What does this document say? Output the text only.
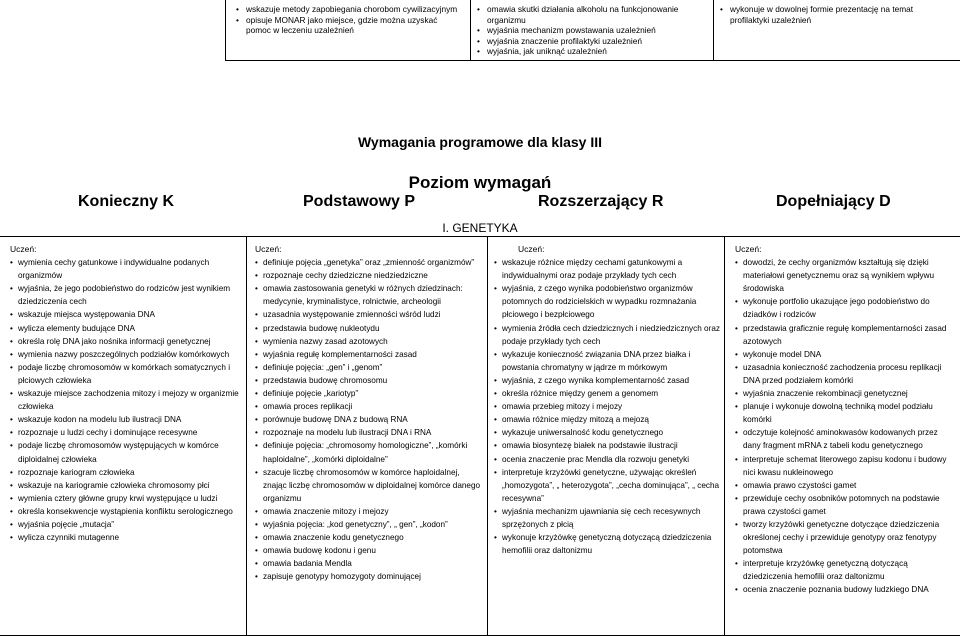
• wskazuje metody zapobiegania chorobom cywilizacyjnym
• opisuje MONAR jako miejsce, gdzie można uzyskać pomoc w leczeniu uzależnień

• omawia skutki działania alkoholu na funkcjonowanie organizmu
• wyjaśnia mechanizm powstawania uzależnień
• wyjaśnia znaczenie profilaktyki uzależnień
• wyjaśnia, jak uniknąć uzależnień

• wykonuje w dowolnej formie prezentację na temat profilaktyki uzależnień
Wymagania programowe dla klasy III
Poziom wymagań
Konieczny K	Podstawowy P	Rozszerzający R	Dopełniający D
I. GENETYKA
Uczeń:
• wymienia cechy gatunkowe i indywidualne podanych organizmów
• wyjaśnia, że jego podobieństwo do rodziców jest wynikiem dziedziczenia cech
• wskazuje miejsca występowania DNA
• wylicza elementy budujące DNA
• określa rolę DNA jako nośnika informacji genetycznej
• wymienia nazwy poszczególnych podziałów komórkowych
• podaje liczbę chromosomów w komórkach somatycznych i płciowych człowieka
• wskazuje miejsce zachodzenia mitozy i mejozy w organizmie człowieka
• wskazuje kodon na modelu lub ilustracji DNA
• rozpoznaje u ludzi cechy i dominujące recesywne
• podaje liczbę chromosomów występujących w komórce diploidalnej człowieka
• rozpoznaje kariogram człowieka
• wskazuje na kariogramie człowieka chromosomy płci
• wymienia cztery główne grupy krwi występujące u ludzi
• określa konsekwencje wystąpienia konfliktu serologicznego
• wyjaśnia pojęcie „mutacja”
• wylicza czynniki mutagenne

Uczeń:
• definiuje pojęcia „genetyka” oraz „zmienność organizmów”
• rozpoznaje cechy dziedziczne niedziedziczne
• omawia zastosowania genetyki w różnych dziedzinach: medycynie, kryminalistyce, rolnictwie, archeologii
• uzasadnia występowanie zmienności wśród ludzi
• przedstawia budowę nukleotydu
• wymienia nazwy zasad azotowych
• wyjaśnia regułę komplementarności zasad
• definiuje pojęcia: „gen” i „genom”
• przedstawia budowę chromosomu
• definiuje pojęcie „kariotyp”
• omawia proces replikacji
• porównuje budowę DNA z budową RNA
• rozpoznaje na modelu lub ilustracji DNA i RNA
• definiuje pojęcia: „chromosomy homologiczne”, „komórki haploidalne”, „komórki diploidalne”
• szacuje liczbę chromosomów w komórce haploidalnej, znając liczbę chromosomów w diploidalnej komórce danego organizmu
• omawia znaczenie mitozy i mejozy
• wyjaśnia pojęcia: „kod genetyczny”, „ gen”, „kodon”
• omawia znaczenie kodu genetycznego
• omawia budowę kodonu i genu
• omawia badania Mendla
• zapisuje genotypy homozygoty dominującej

Uczeń:
• wskazuje różnice między cechami gatunkowymi a indywidualnymi oraz podaje przykłady tych cech
• wyjaśnia, z czego wynika podobieństwo organizmów potomnych do rodzicielskich w wypadku rozmnażania płciowego i bezpłciowego
• wymienia źródła cech dziedzicznych i niedziedzicznych oraz podaje przykłady tych cech
• wykazuje konieczność związania DNA przez białka i powstania chromatyny w jądrze m mórkowym
• wyjaśnia, z czego wynika komplementarność zasad
• określa różnice między genem a genomem
• omawia przebieg mitozy i mejozy
• omawia różnice między mitozą a mejozą
• wykazuje uniwersalność kodu genetycznego
• omawia biosyntezę białek na podstawie ilustracji
• ocenia znaczenie prac Mendla dla rozwoju genetyki
• interpretuje krzyżówki genetyczne, używając określeń „homozygota”, „ heterozygota”, „cecha dominująca”, „ cecha recesywna”
• wyjaśnia mechanizm ujawniania się cech recesywnych sprzężonych z płcią
• wykonuje krzyżówkę genetyczną dotyczącą dziedziczenia hemofilii oraz daltonizmu

Uczeń:
• dowodzi, że cechy organizmów kształtują się dzięki materiałowi genetycznemu oraz są wynikiem wpływu środowiska
• wykonuje portfolio ukazujące jego podobieństwo do dziadków i rodziców
• przedstawia graficznie regułę komplementarności zasad azotowych
• wykonuje model DNA
• uzasadnia konieczność zachodzenia procesu replikacji DNA przed podziałem komórki
• wyjaśnia znaczenie rekombinacji genetycznej
• planuje i wykonuje dowolną techniką model podziału komórki
• odczytuje kolejność aminokwasów kodowanych przez dany fragment mRNA z tabeli kodu genetycznego
• interpretuje schemat literowego zapisu kodonu i budowy nici kwasu nukleinowego
• omawia prawo czystości gamet
• przewiduje cechy osobników potomnych na podstawie prawa czystości gamet
• tworzy krzyżówki genetyczne dotyczące dziedziczenia określonej cechy i przewiduje genotypy oraz fenotypy potomstwa
• interpretuje krzyżówkę genetyczną dotyczącą dziedziczenia hemofilii oraz daltonizmu
• ocenia znaczenie poznania budowy ludzkiego DNA
